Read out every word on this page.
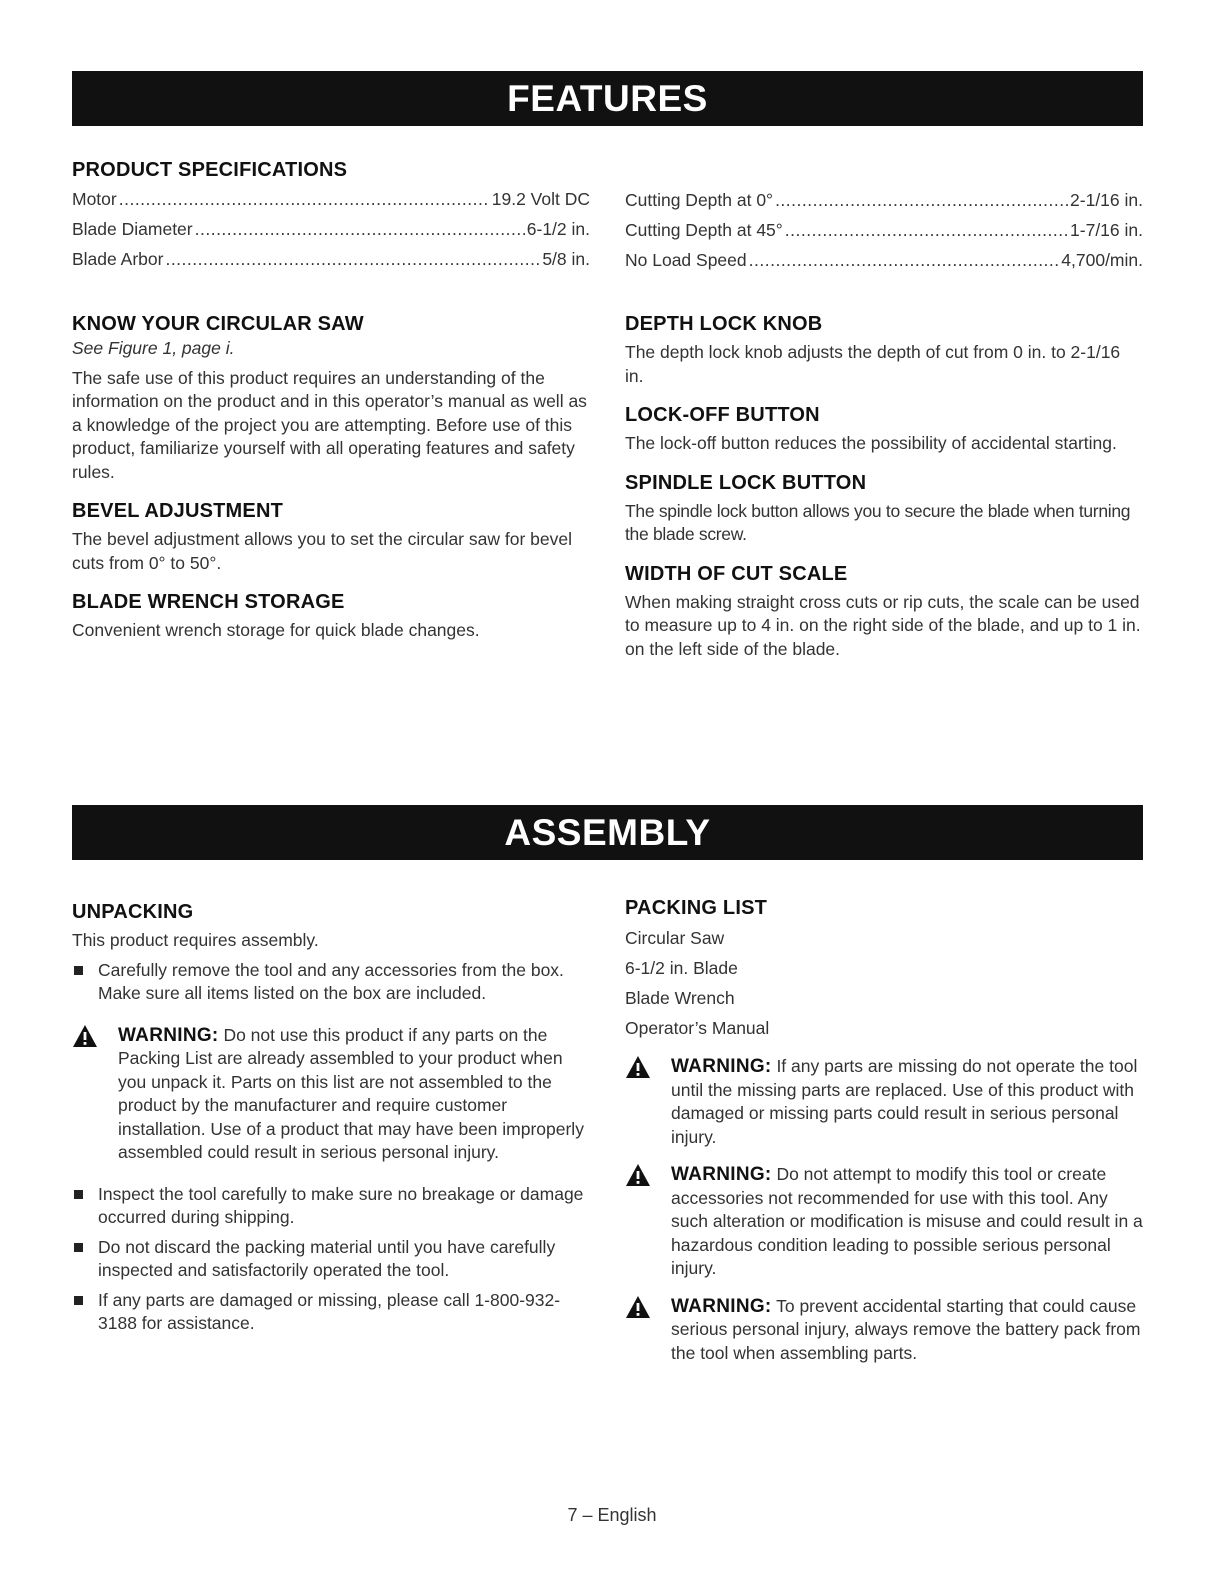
FEATURES
PRODUCT SPECIFICATIONS
Motor .....	19.2 Volt DC
Blade Diameter .....	6-1/2 in.
Blade Arbor .....	5/8 in.
Cutting Depth at 0° .....	2-1/16 in.
Cutting Depth at 45° .....	1-7/16 in.
No Load Speed .....	4,700/min.
KNOW YOUR CIRCULAR SAW

See Figure 1, page i.

The safe use of this product requires an understanding of the information on the product and in this operator’s manual as well as a knowledge of the project you are attempting. Before use of this product, familiarize yourself with all operating features and safety rules.

BEVEL ADJUSTMENT

The bevel adjustment allows you to set the circular saw for bevel cuts from 0° to 50°.

BLADE WRENCH STORAGE

Convenient wrench storage for quick blade changes.

DEPTH LOCK KNOB

The depth lock knob adjusts the depth of cut from 0 in. to 2-1/16 in.

LOCK-OFF BUTTON

The lock-off button reduces the possibility of accidental starting.

SPINDLE LOCK BUTTON

The spindle lock button allows you to secure the blade when turning the blade screw.

WIDTH OF CUT SCALE

When making straight cross cuts or rip cuts, the scale can be used to measure up to 4 in. on the right side of the blade, and up to 1 in. on the left side of the blade.

ASSEMBLY
UNPACKING

This product requires assembly.

Carefully remove the tool and any accessories from the box. Make sure all items listed on the box are included.
WARNING: Do not use this product if any parts on the Packing List are already assembled to your product when you unpack it. Parts on this list are not assembled to the product by the manufacturer and require customer installation. Use of a product that may have been improperly assembled could result in serious personal injury.
Inspect the tool carefully to make sure no breakage or damage occurred during shipping.
Do not discard the packing material until you have carefully inspected and satisfactorily operated the tool.
If any parts are damaged or missing, please call 1-800-932-3188 for assistance.
PACKING LIST
Circular Saw
6-1/2 in. Blade
Blade Wrench
Operator’s Manual
WARNING: If any parts are missing do not operate the tool until the missing parts are replaced. Use of this product with damaged or missing parts could result in serious personal injury.
WARNING: Do not attempt to modify this tool or create accessories not recommended for use with this tool. Any such alteration or modification is misuse and could result in a hazardous condition leading to possible serious personal injury.
WARNING: To prevent accidental starting that could cause serious personal injury, always remove the battery pack from the tool when assembling parts.
7 – English
